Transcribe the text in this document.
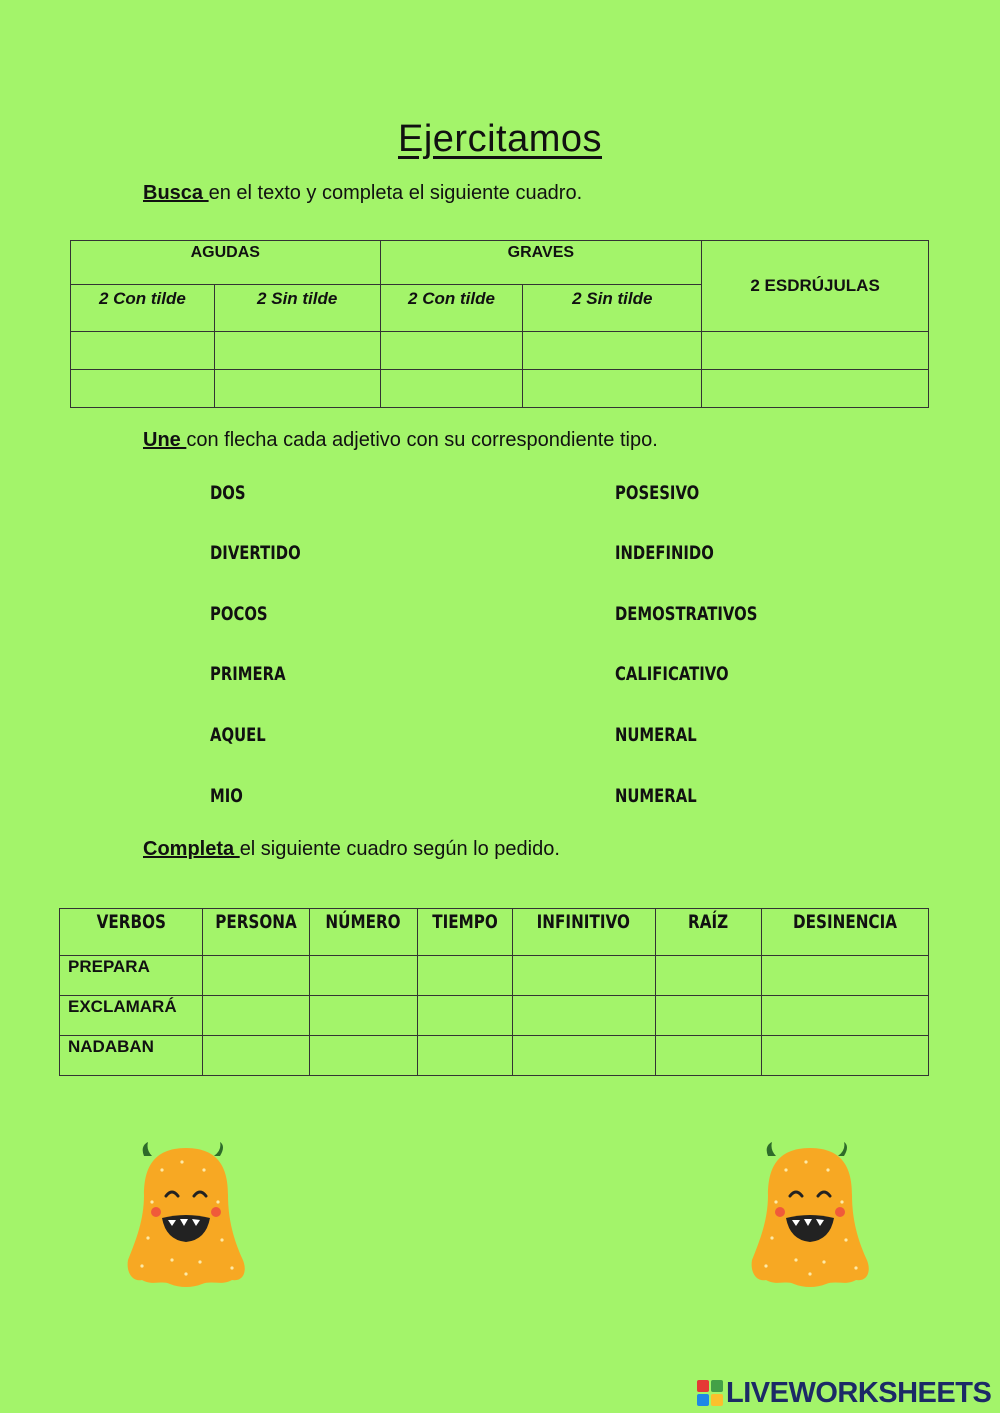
Ejercitamos
Busca en el texto y completa el siguiente cuadro.
AGUDAS		GRAVES		2 ESDRÚJULAS
2 Con tilde	2 Sin tilde	2 Con tilde	2 Sin tilde	

Une con flecha cada adjetivo con su correspondiente tipo.
DOS
DIVERTIDO
POCOS
PRIMERA
AQUEL
MIO
POSESIVO
INDEFINIDO
DEMOSTRATIVOS
CALIFICATIVO
NUMERAL
NUMERAL
Completa el siguiente cuadro según lo pedido.
VERBOS	PERSONA	NÚMERO	TIEMPO	INFINITIVO	RAÍZ	DESINENCIA
PREPARA						
EXCLAMARÁ						
NADABAN						
LIVEWORKSHEETS
